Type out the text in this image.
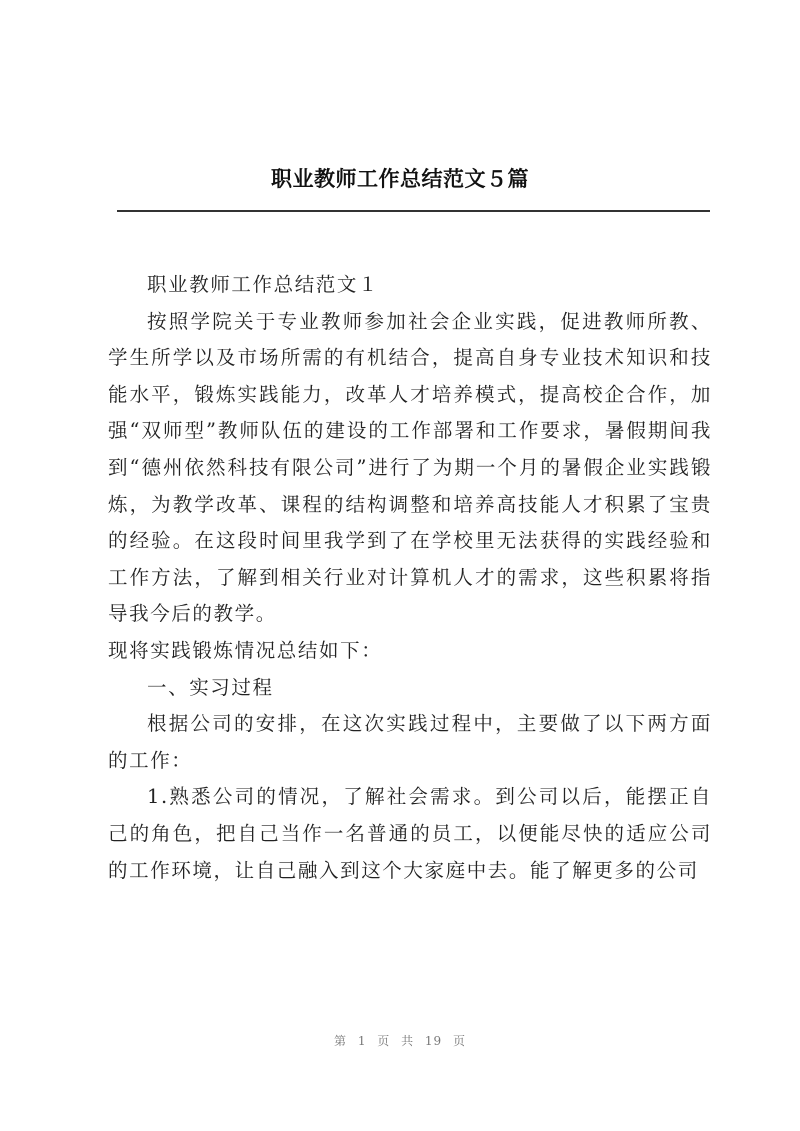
职业教师工作总结范文５篇

职业教师工作总结范文１

按照学院关于专业教师参加社会企业实践，促进教师所教、学生所学以及市场所需的有机结合，提高自身专业技术知识和技能水平，锻炼实践能力，改革人才培养模式，提高校企合作，加强“双师型”教师队伍的建设的工作部署和工作要求，暑假期间我到“德州依然科技有限公司”进行了为期一个月的暑假企业实践锻炼，为教学改革、课程的结构调整和培养高技能人才积累了宝贵的经验。在这段时间里我学到了在学校里无法获得的实践经验和工作方法，了解到相关行业对计算机人才的需求，这些积累将指导我今后的教学。

现将实践锻炼情况总结如下：

一、实习过程

根据公司的安排，在这次实践过程中，主要做了以下两方面的工作：

1.熟悉公司的情况，了解社会需求。到公司以后，能摆正自己的角色，把自己当作一名普通的员工，以便能尽快的适应公司的工作环境，让自己融入到这个大家庭中去。能了解更多的公司

第 1 页 共 19 页
